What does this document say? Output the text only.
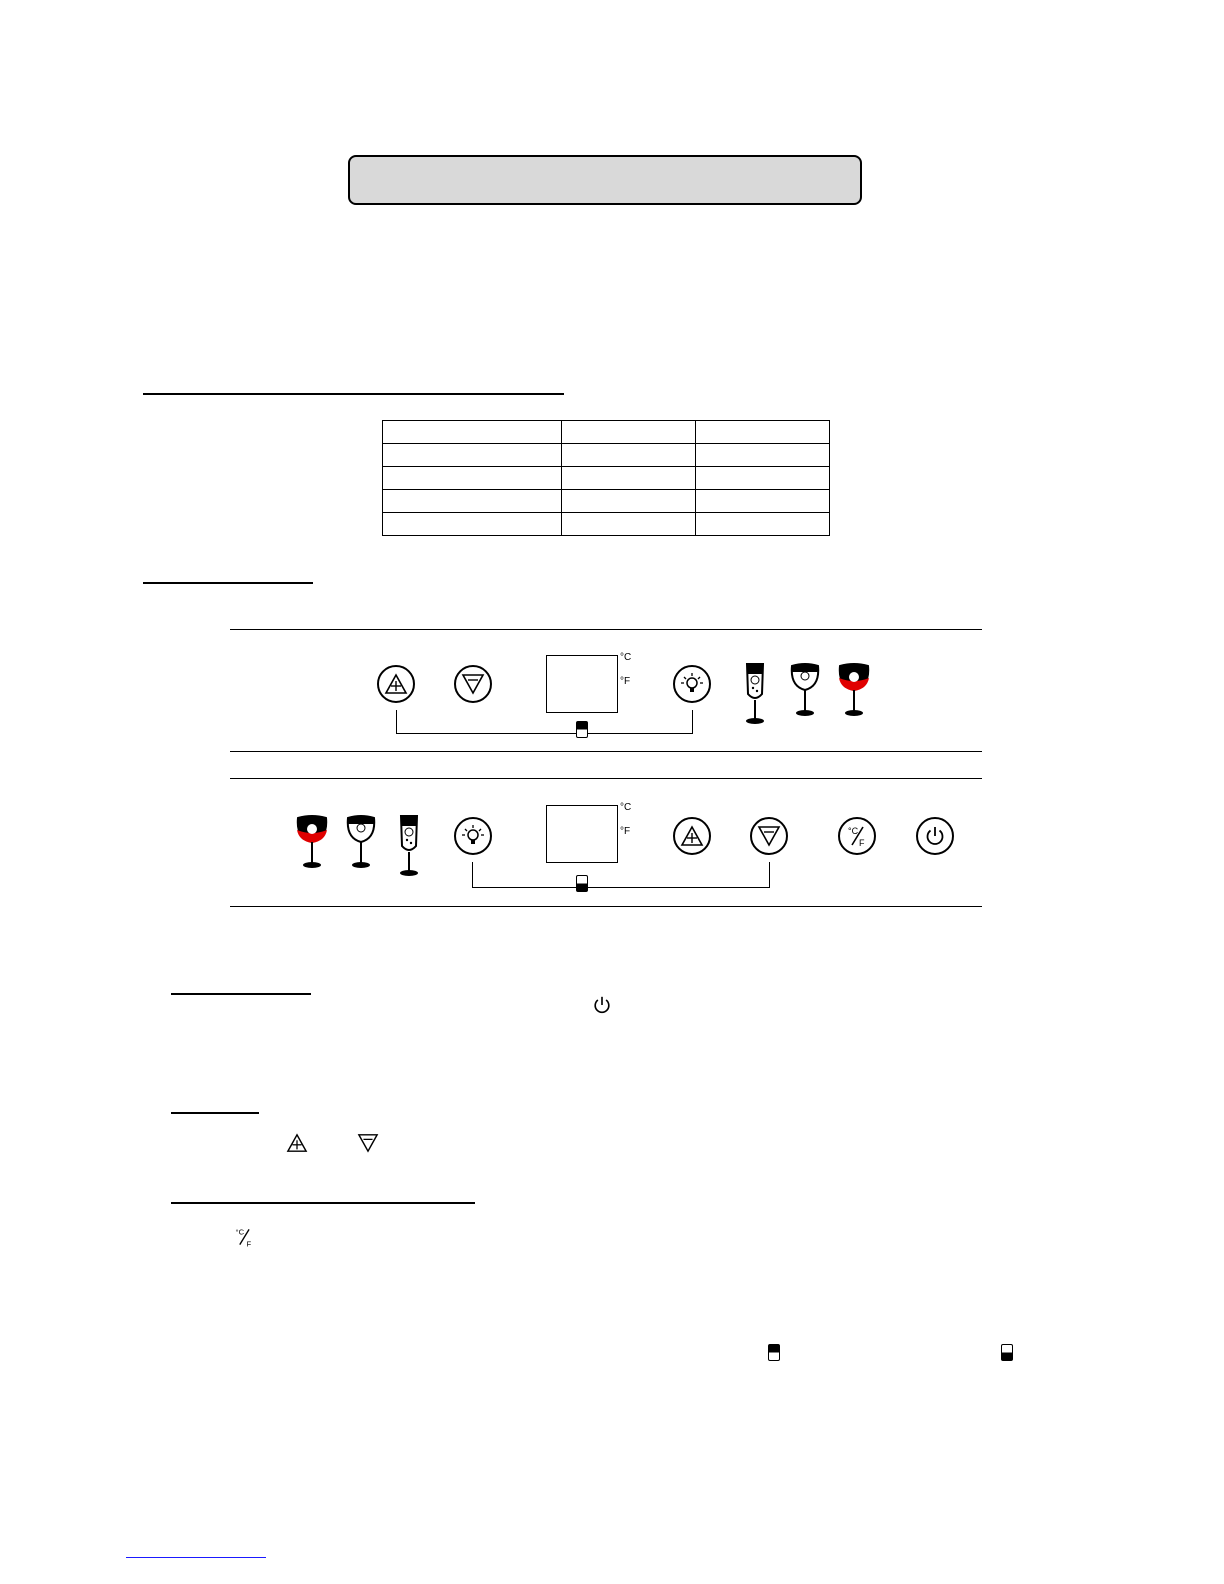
°C
°F
°C
°F	°C
F
°C
F
